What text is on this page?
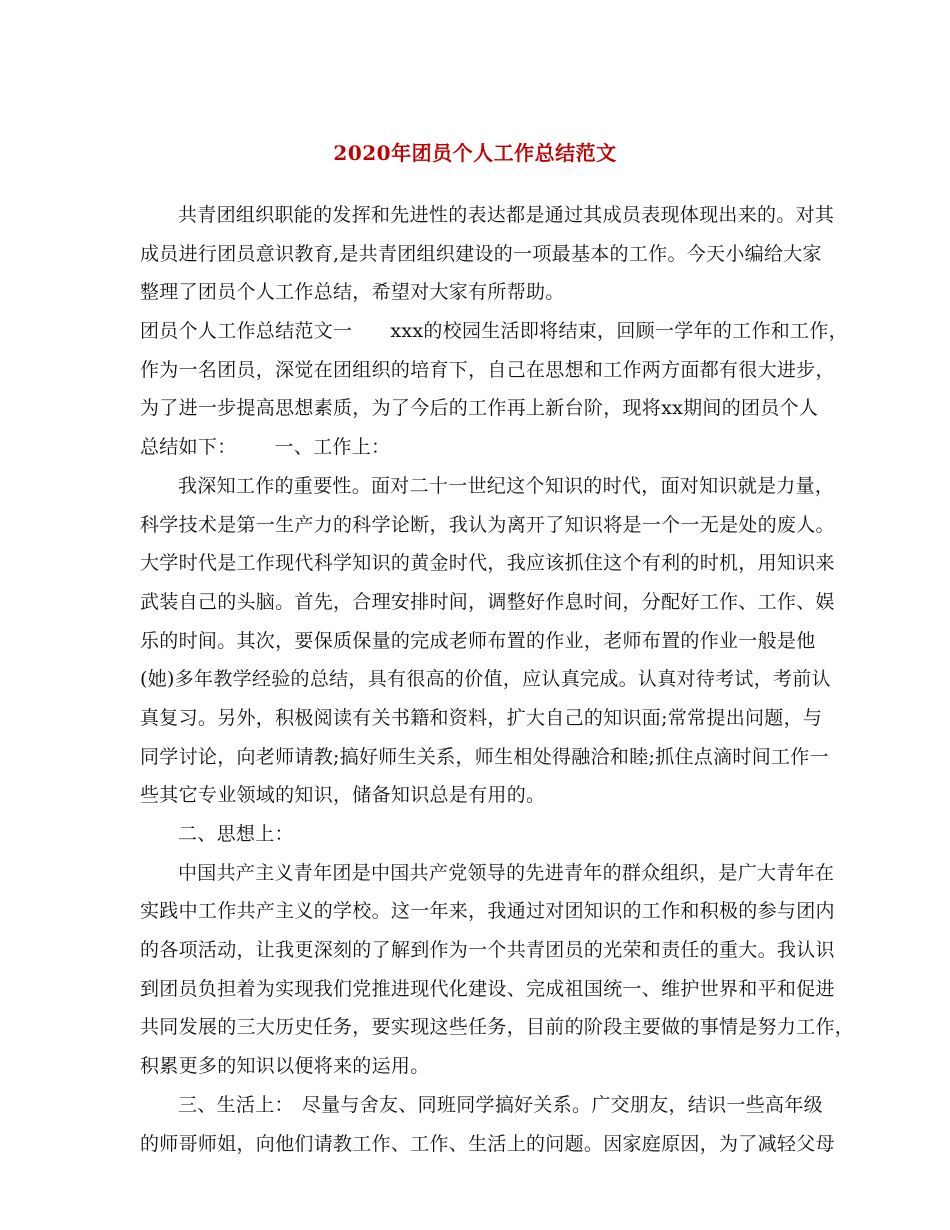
2020年团员个人工作总结范文
共青团组织职能的发挥和先进性的表达都是通过其成员表现体现出来的。对其
成员进行团员意识教育,是共青团组织建设的一项最基本的工作。今天小编给大家
整理了团员个人工作总结，希望对大家有所帮助。
团员个人工作总结范文一 xxx的校园生活即将结束，回顾一学年的工作和工作，
作为一名团员，深觉在团组织的培育下，自己在思想和工作两方面都有很大进步，
为了进一步提高思想素质，为了今后的工作再上新台阶，现将xx期间的团员个人
总结如下： 一、工作上：
我深知工作的重要性。面对二十一世纪这个知识的时代，面对知识就是力量，
科学技术是第一生产力的科学论断，我认为离开了知识将是一个一无是处的废人。
大学时代是工作现代科学知识的黄金时代，我应该抓住这个有利的时机，用知识来
武装自己的头脑。首先，合理安排时间，调整好作息时间，分配好工作、工作、娱
乐的时间。其次，要保质保量的完成老师布置的作业，老师布置的作业一般是他
(她)多年教学经验的总结，具有很高的价值，应认真完成。认真对待考试，考前认
真复习。另外，积极阅读有关书籍和资料，扩大自己的知识面;常常提出问题，与
同学讨论，向老师请教;搞好师生关系，师生相处得融洽和睦;抓住点滴时间工作一
些其它专业领域的知识，储备知识总是有用的。
二、思想上：
中国共产主义青年团是中国共产党领导的先进青年的群众组织，是广大青年在
实践中工作共产主义的学校。这一年来，我通过对团知识的工作和积极的参与团内
的各项活动，让我更深刻的了解到作为一个共青团员的光荣和责任的重大。我认识
到团员负担着为实现我们党推进现代化建设、完成祖国统一、维护世界和平和促进
共同发展的三大历史任务，要实现这些任务，目前的阶段主要做的事情是努力工作，
积累更多的知识以便将来的运用。
三、生活上： 尽量与舍友、同班同学搞好关系。广交朋友，结识一些高年级
的师哥师姐，向他们请教工作、工作、生活上的问题。因家庭原因，为了减轻父母
